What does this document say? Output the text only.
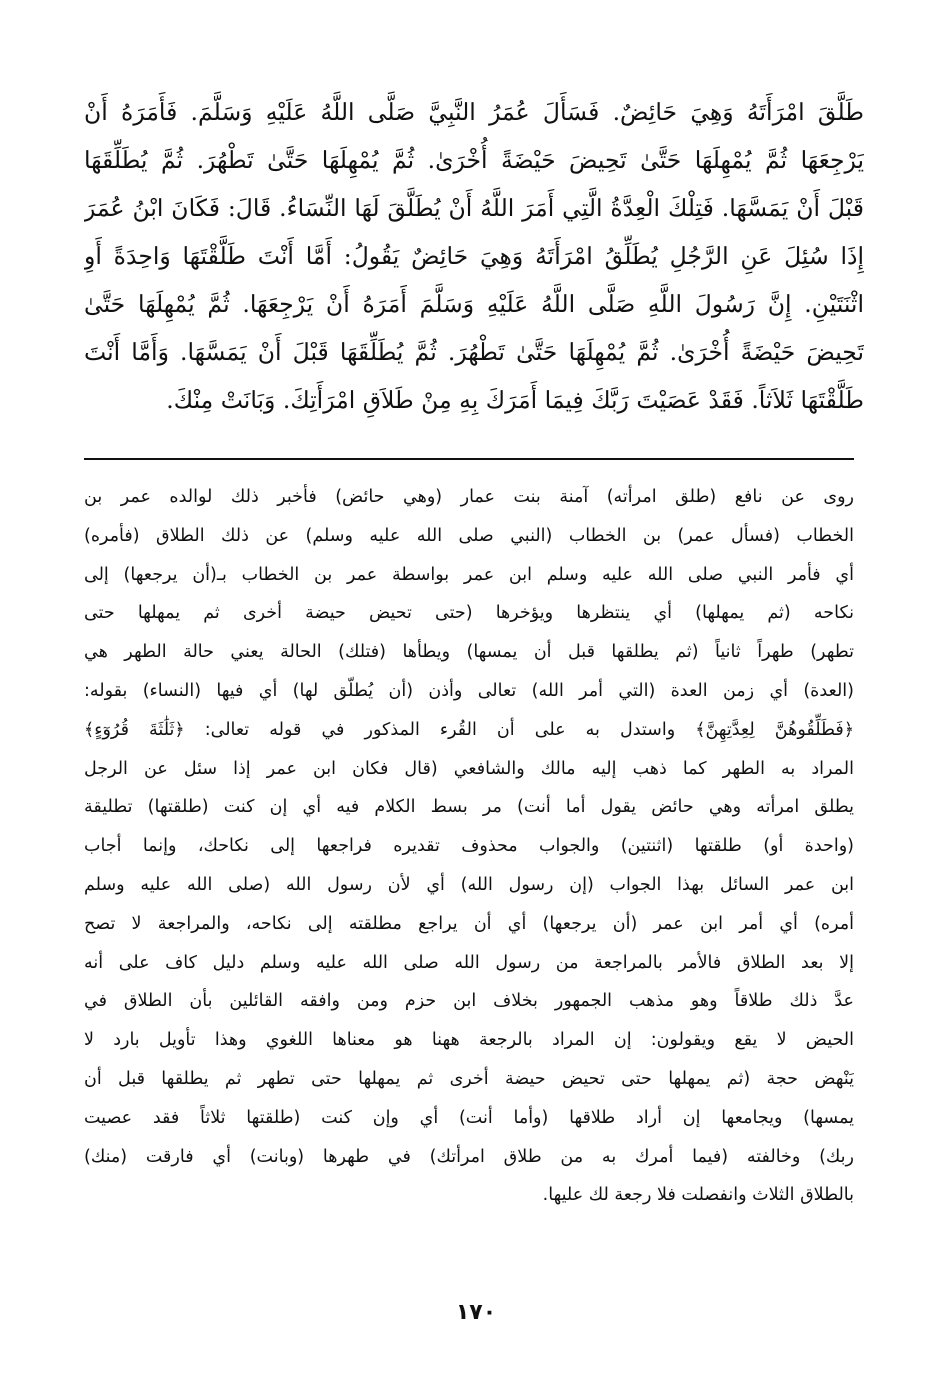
طَلَّقَ امْرَأَتَهُ وَهِيَ حَائِضٌ. فَسَأَلَ عُمَرُ النَّبِيَّ صَلَّى اللَّهُ عَلَيْهِ وَسَلَّمَ. فَأَمَرَهُ أَنْ
يَرْجِعَهَا ثُمَّ يُمْهِلَهَا حَتَّىٰ تَحِيضَ حَيْضَةً أُخْرَىٰ. ثُمَّ يُمْهِلَهَا حَتَّىٰ تَطْهُرَ. ثُمَّ يُطَلِّقَهَا
قَبْلَ أَنْ يَمَسَّهَا. فَتِلْكَ الْعِدَّةُ الَّتِي أَمَرَ اللَّهُ أَنْ يُطَلَّقَ لَهَا النِّسَاءُ. قَالَ: فَكَانَ ابْنُ عُمَرَ
إِذَا سُئِلَ عَنِ الرَّجُلِ يُطَلِّقُ امْرَأَتَهُ وَهِيَ حَائِضٌ يَقُولُ: أَمَّا أَنْتَ طَلَّقْتَهَا وَاحِدَةً أَوِ
اثْنَتَيْنِ. إِنَّ رَسُولَ اللَّهِ صَلَّى اللَّهُ عَلَيْهِ وَسَلَّمَ أَمَرَهُ أَنْ يَرْجِعَهَا. ثُمَّ يُمْهِلَهَا حَتَّىٰ
تَحِيضَ حَيْضَةً أُخْرَىٰ. ثُمَّ يُمْهِلَهَا حَتَّىٰ تَطْهُرَ. ثُمَّ يُطَلِّقَهَا قَبْلَ أَنْ يَمَسَّهَا. وَأَمَّا أَنْتَ
طَلَّقْتَهَا ثَلاَثاً. فَقَدْ عَصَيْتَ رَبَّكَ فِيمَا أَمَرَكَ بِهِ مِنْ طَلاَقِ امْرَأَتِكَ. وَبَانَتْ مِنْكَ.
روى عن نافع (طلق امرأته) آمنة بنت عمار (وهي حائض) فأخبر ذلك لوالده عمر بن
الخطاب (فسأل عمر) بن الخطاب (النبي صلى الله عليه وسلم) عن ذلك الطلاق (فأمره)
أي فأمر النبي صلى الله عليه وسلم ابن عمر بواسطة عمر بن الخطاب بـ(أن يرجعها) إلى
نكاحه (ثم يمهلها) أي ينتظرها ويؤخرها (حتى تحيض حيضة أخرى ثم يمهلها حتى
تطهر) طهراً ثانياً (ثم يطلقها قبل أن يمسها) ويطأها (فتلك) الحالة يعني حالة الطهر هي
(العدة) أي زمن العدة (التي أمر الله) تعالى وأذن (أن يُطلّق لها) أي فيها (النساء) بقوله:
﴿فَطَلِّقُوهُنَّ لِعِدَّتِهِنَّ﴾ واستدل به على أن القُرء المذكور في قوله تعالى: ﴿ثَلَٰثَةَ قُرُوٓءٍ﴾
المراد به الطهر كما ذهب إليه مالك والشافعي (قال فكان ابن عمر إذا سئل عن الرجل
يطلق امرأته وهي حائض يقول أما أنت) مر بسط الكلام فيه أي إن كنت (طلقتها) تطليقة
(واحدة أو) طلقتها (اثنتين) والجواب محذوف تقديره فراجعها إلى نكاحك، وإنما أجاب
ابن عمر السائل بهذا الجواب (إن رسول الله) أي لأن رسول الله (صلى الله عليه وسلم
أمره) أي أمر ابن عمر (أن يرجعها) أي أن يراجع مطلقته إلى نكاحه، والمراجعة لا تصح
إلا بعد الطلاق فالأمر بالمراجعة من رسول الله صلى الله عليه وسلم دليل كاف على أنه
عدَّ ذلك طلاقاً وهو مذهب الجمهور بخلاف ابن حزم ومن وافقه القائلين بأن الطلاق في
الحيض لا يقع ويقولون: إن المراد بالرجعة ههنا هو معناها اللغوي وهذا تأويل بارد لا
يَنْهض حجة (ثم يمهلها حتى تحيض حيضة أخرى ثم يمهلها حتى تطهر ثم يطلقها قبل أن
يمسها) ويجامعها إن أراد طلاقها (وأما أنت) أي وإن كنت (طلقتها ثلاثاً فقد عصيت
ربك) وخالفته (فيما أمرك به من طلاق امرأتك) في طهرها (وبانت) أي فارقت (منك)
بالطلاق الثلاث وانفصلت فلا رجعة لك عليها.
١٧٠
